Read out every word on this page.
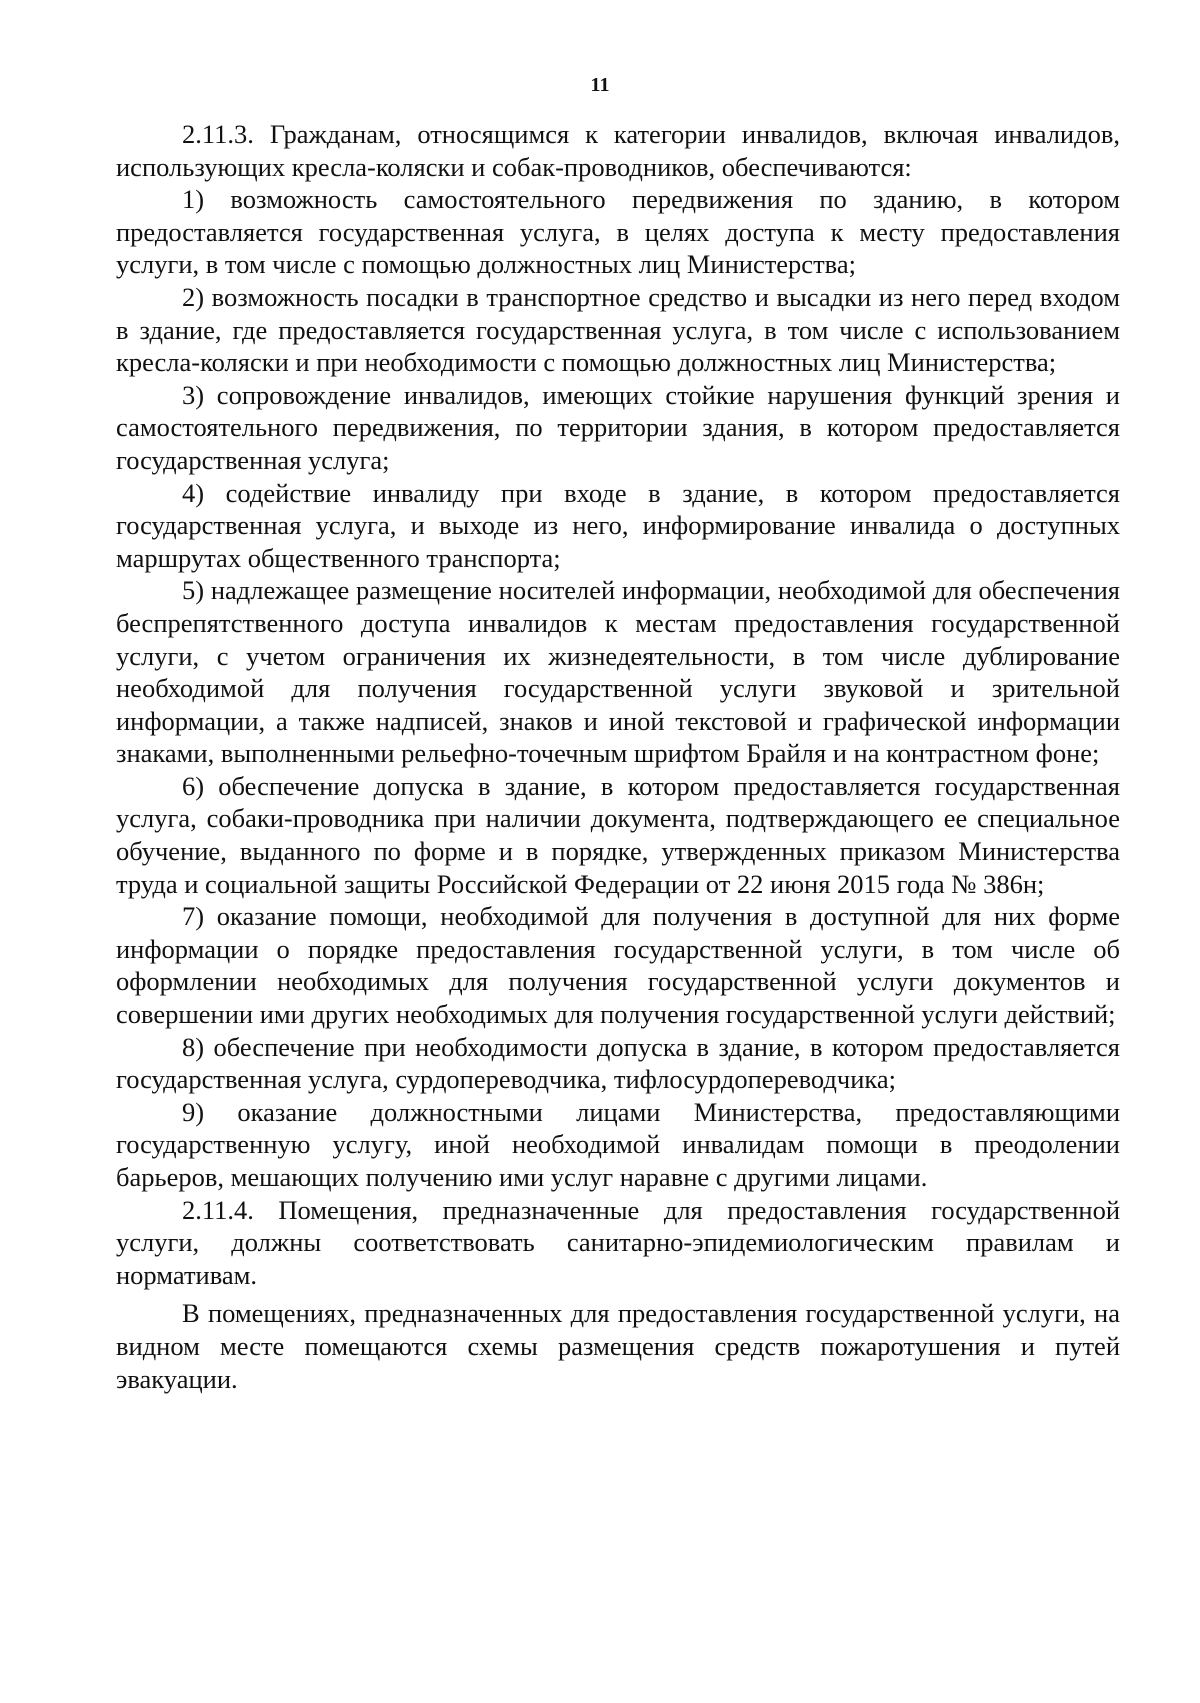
11

2.11.3. Гражданам, относящимся к категории инвалидов, включая инвалидов, использующих кресла-коляски и собак-проводников, обеспечиваются:

1) возможность самостоятельного передвижения по зданию, в котором предоставляется государственная услуга, в целях доступа к месту предоставления услуги, в том числе с помощью должностных лиц Министерства;

2) возможность посадки в транспортное средство и высадки из него перед входом в здание, где предоставляется государственная услуга, в том числе с использованием кресла-коляски и при необходимости с помощью должностных лиц Министерства;

3) сопровождение инвалидов, имеющих стойкие нарушения функций зрения и самостоятельного передвижения, по территории здания, в котором предоставляется государственная услуга;

4) содействие инвалиду при входе в здание, в котором предоставляется государственная услуга, и выходе из него, информирование инвалида о доступных маршрутах общественного транспорта;

5) надлежащее размещение носителей информации, необходимой для обеспечения беспрепятственного доступа инвалидов к местам предоставления государственной услуги, с учетом ограничения их жизнедеятельности, в том числе дублирование необходимой для получения государственной услуги звуковой и зрительной информации, а также надписей, знаков и иной текстовой и графической информации знаками, выполненными рельефно-точечным шрифтом Брайля и на контрастном фоне;

6) обеспечение допуска в здание, в котором предоставляется государственная услуга, собаки-проводника при наличии документа, подтверждающего ее специальное обучение, выданного по форме и в порядке, утвержденных приказом Министерства труда и социальной защиты Российской Федерации от 22 июня 2015 года № 386н;

7) оказание помощи, необходимой для получения в доступной для них форме информации о порядке предоставления государственной услуги, в том числе об оформлении необходимых для получения государственной услуги документов и совершении ими других необходимых для получения государственной услуги действий;

8) обеспечение при необходимости допуска в здание, в котором предоставляется государственная услуга, сурдопереводчика, тифлосурдопереводчика;

9) оказание должностными лицами Министерства, предоставляющими государственную услугу, иной необходимой инвалидам помощи в преодолении барьеров, мешающих получению ими услуг наравне с другими лицами.

2.11.4. Помещения, предназначенные для предоставления государственной услуги, должны соответствовать санитарно-эпидемиологическим правилам и нормативам.

В помещениях, предназначенных для предоставления государственной услуги, на видном месте помещаются схемы размещения средств пожаротушения и путей эвакуации.
